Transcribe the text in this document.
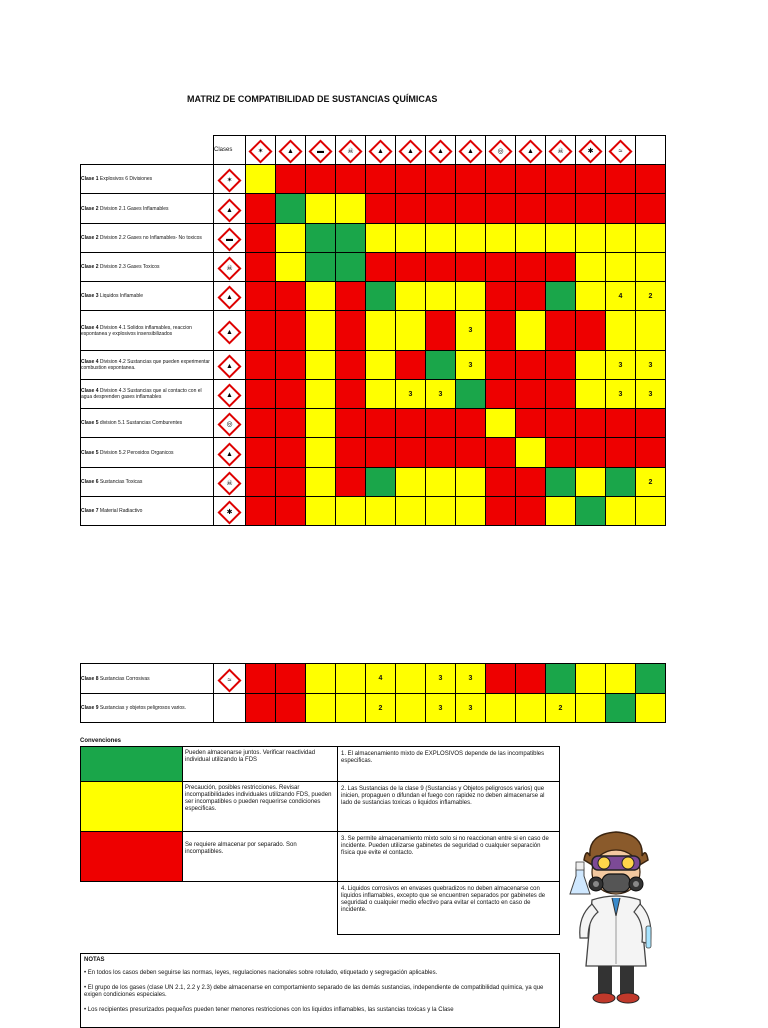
MATRIZ DE COMPATIBILIDAD DE SUSTANCIAS QUÍMICAS
	Clases	✶	▲	▬	☠	▲	▲	▲	▲	◎	▲	☠	✱	≈	

Clase 1 Explosivos 6 Divisiones	✶														

Clase 2 Division 2.1 Gases Inflamables	▲														

Clase 2 Division 2.2 Gases no Inflamables- No toxicos	▬														

Clase 2 Division 2.3 Gases Toxicos	☠														

Clase 3 Liquidos Inflamable	▲													4	2
Clase 4 Division 4.1 Solidos inflamables, reaccion espontanea y explosivos insensibilizados	▲								3						
Clase 4 Division 4.2 Sustancias que pueden experimentar combustion espontanea.	▲								3					3	3
Clase 4 Division 4.3 Sustancias que al contacto con el agua desprenden gases inflamables	▲						3	3						3	3
Clase 5 division 5.1 Sustancias Comburentes	◎														

Clase 5 Division 5.2 Peroxidos Organicos	▲														

Clase 6 Sustancias Toxicas	☠														2
Clase 7 Material Radiactivo	✱														

Clase 8 Sustancias Corrosivas	≈					4		3	3						
Clase 9 Sustancias y objetos peligrosos varios.						2		3	3			2			
Convenciones
	Pueden almacenarse juntos. Verificar reactividad individual utilizando la FDS	1. El almacenamiento mixto de EXPLOSIVOS depende de las incompatibles especificas.
	Precaución, posibles restricciones. Revisar incompatibilidades individuales utilizando FDS, pueden ser incompatibles o pueden requerirse condiciones especificas.	2. Las Sustancias de la clase 9 (Sustancias y Objetos peligrosos varios) que inicien, propaguen o difundan el fuego con rapidez no deben almacenarse al lado de sustancias toxicas o liquidos inflamables.
	Se requiere almacenar por separado. Son incompatibles.	3. Se permite almacenamiento mixto solo si no reaccionan entre si en caso de incidente. Pueden utilizarse gabinetes de seguridad o cualquier separación física que evite el contacto.
		4. Liquidos corrosivos en envases quebradizos no deben almacenarse con liquidos inflamables, excepto que se encuentren separados por gabinetes de seguridad o cualquier medio efectivo para evitar el contacto en caso de incidente.

NOTAS

• En todos los casos deben seguirse las normas, leyes, regulaciones nacionales sobre rotulado, etiquetado y segregación aplicables.

• El grupo de los gases (clase UN 2.1, 2.2 y 2.3) debe almacenarse en comportamiento separado de las demás sustancias, independiente de compatibilidad química, ya que exigen condiciones especiales.

• Los recipientes presurizados pequeños pueden tener menores restricciones con los liquidos inflamables, las sustancias toxicas y la Clase
